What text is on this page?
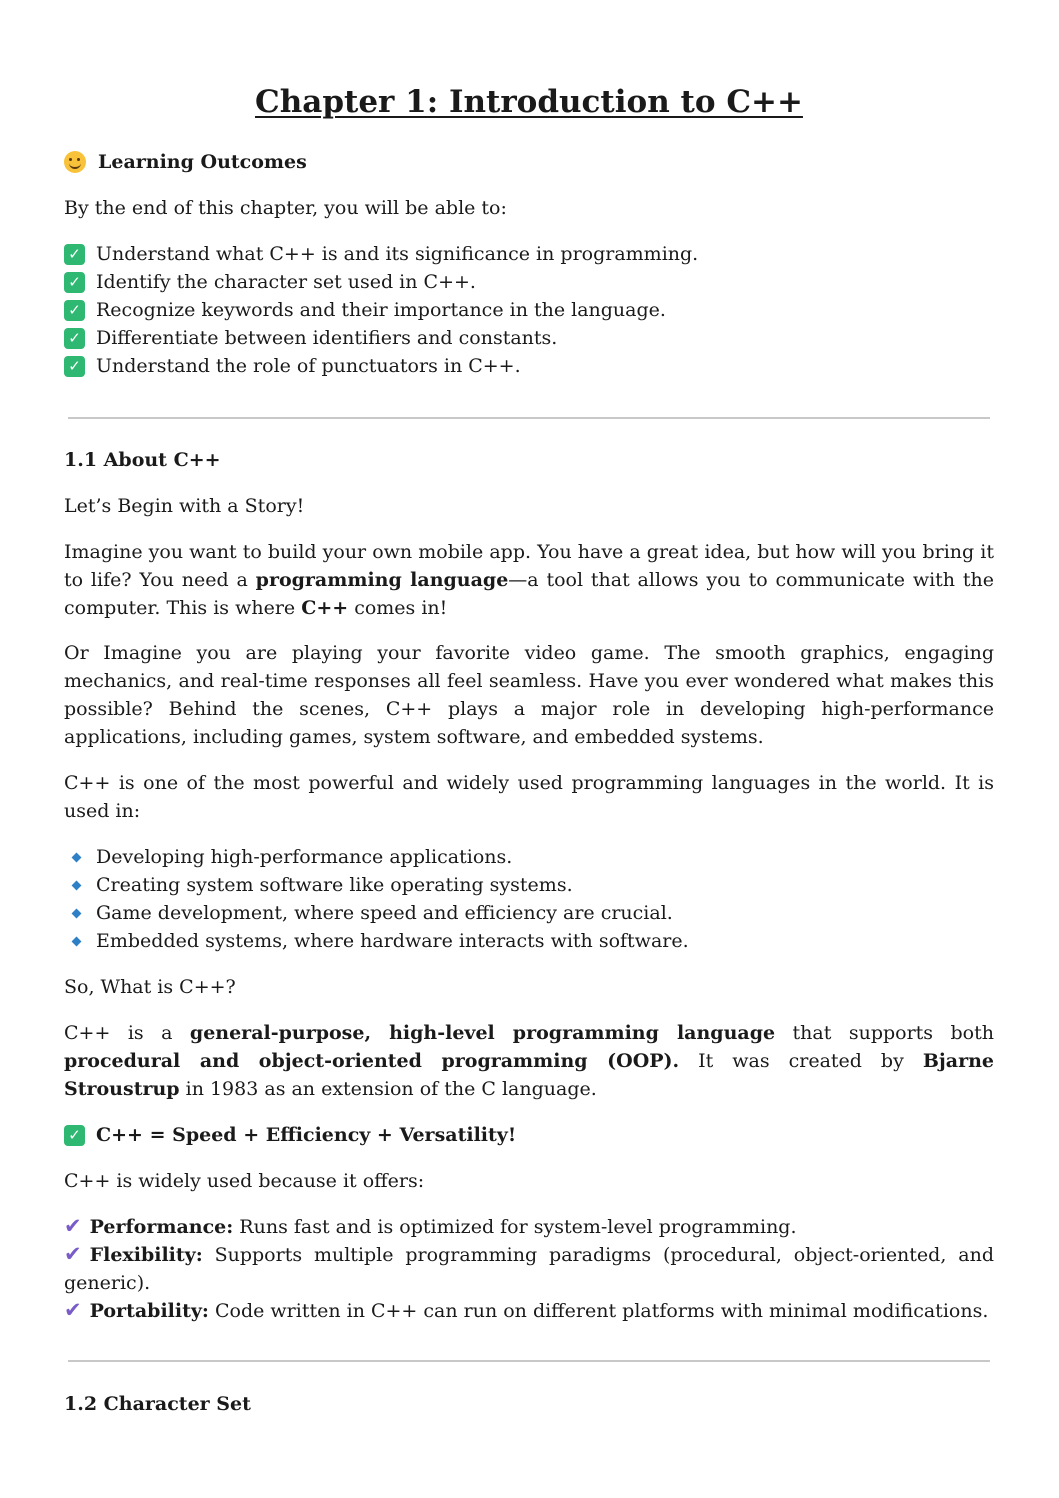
Chapter 1: Introduction to C++
Learning Outcomes

By the end of this chapter, you will be able to:

✓ Understand what C++ is and its significance in programming.
✓ Identify the character set used in C++.
✓ Recognize keywords and their importance in the language.
✓ Differentiate between identifiers and constants.
✓ Understand the role of punctuators in C++.
1.1 About C++

Let’s Begin with a Story!

Imagine you want to build your own mobile app. You have a great idea, but how will you bring it to life? You need a programming language—a tool that allows you to communicate with the computer. This is where C++ comes in!

Or Imagine you are playing your favorite video game. The smooth graphics, engaging mechanics, and real-time responses all feel seamless. Have you ever wondered what makes this possible? Behind the scenes, C++ plays a major role in developing high-performance applications, including games, system software, and embedded systems.

C++ is one of the most powerful and widely used programming languages in the world. It is used in:

Developing high-performance applications.
Creating system software like operating systems.
Game development, where speed and efficiency are crucial.
Embedded systems, where hardware interacts with software.

So, What is C++?

C++ is a general-purpose, high-level programming language that supports both procedural and object-oriented programming (OOP). It was created by Bjarne Stroustrup in 1983 as an extension of the C language.

✓ C++ = Speed + Efficiency + Versatility!

C++ is widely used because it offers:

✔ Performance: Runs fast and is optimized for system-level programming.

✔ Flexibility: Supports multiple programming paradigms (procedural, object-oriented, and generic).

✔ Portability: Code written in C++ can run on different platforms with minimal modifications.

1.2 Character Set
